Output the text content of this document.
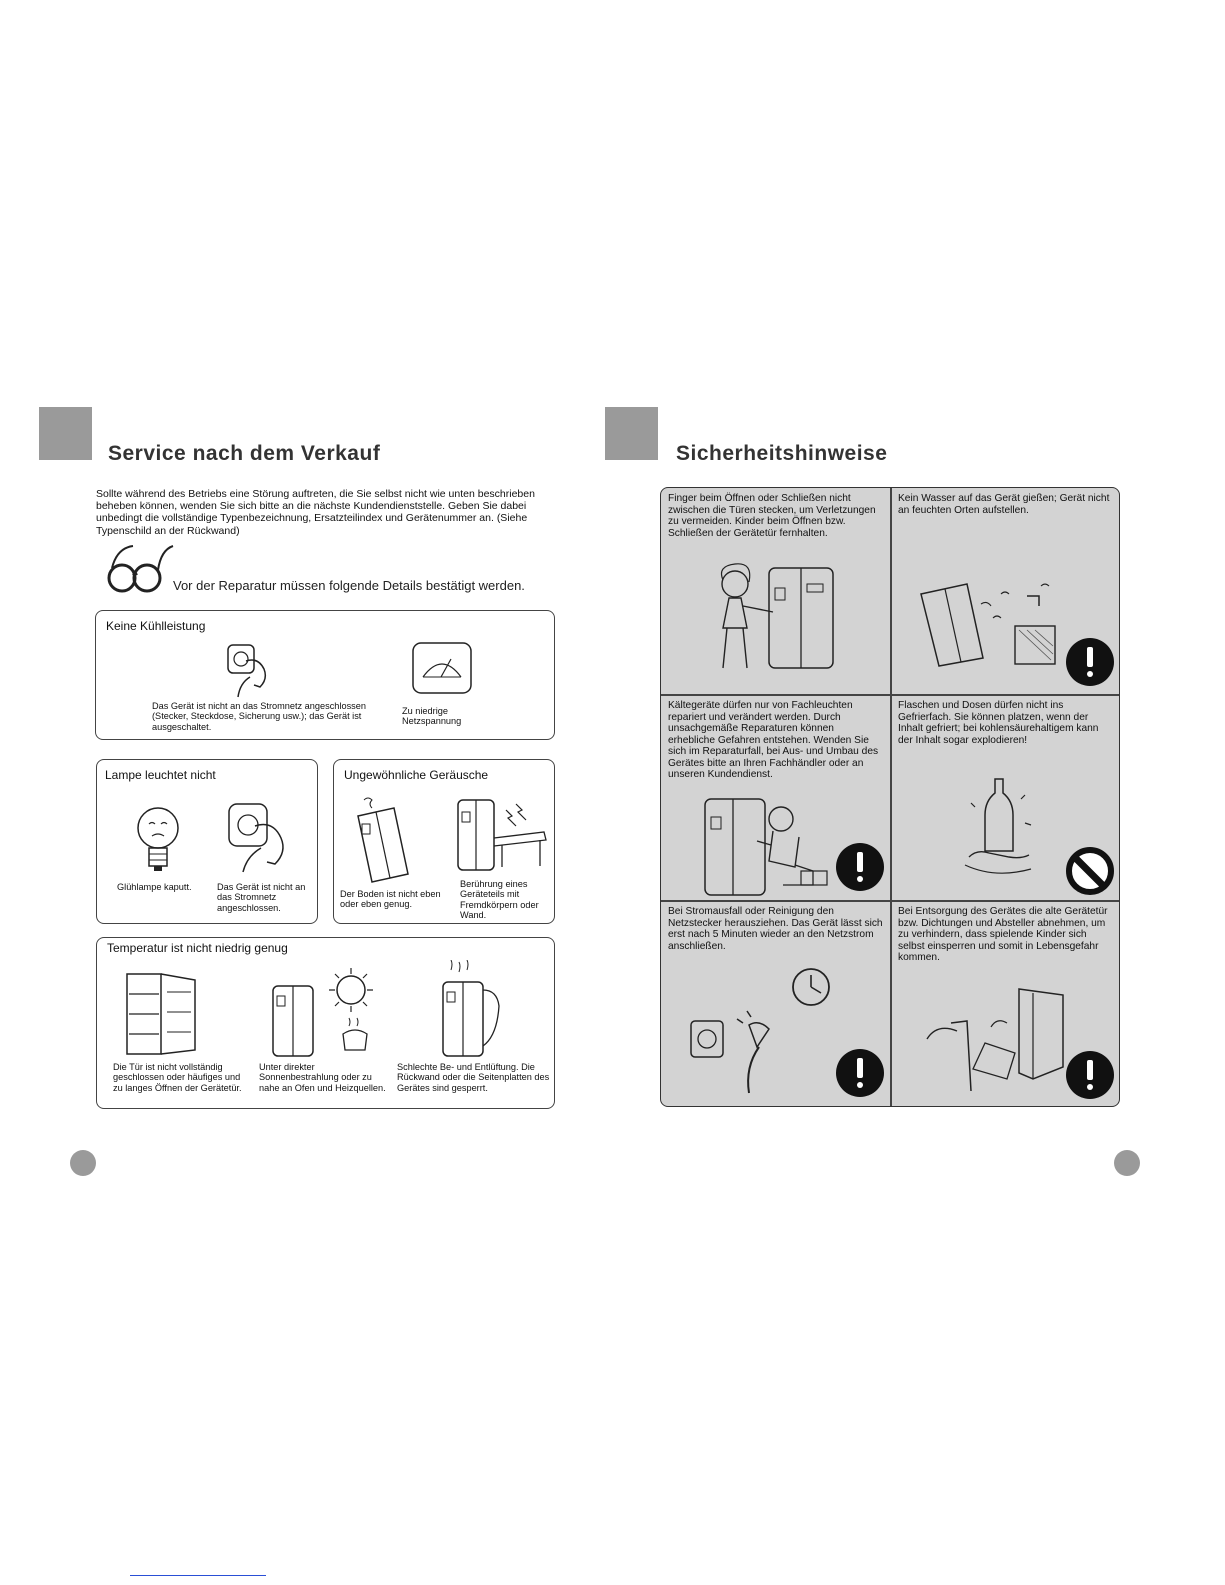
Service nach dem Verkauf
Sollte während des Betriebs eine Störung auftreten, die Sie selbst nicht wie unten beschrieben beheben können, wenden Sie sich bitte an die nächste Kundendienststelle. Geben Sie dabei unbedingt die vollständige Typenbezeichnung, Ersatzteilindex und Gerätenummer an. (Siehe Typenschild an der Rückwand)
Vor der Reparatur müssen folgende Details bestätigt werden.
Keine Kühlleistung
Das Gerät ist nicht an das Stromnetz angeschlossen (Stecker, Steckdose, Sicherung usw.); das Gerät ist ausgeschaltet.
Zu niedrige Netzspannung
Lampe leuchtet nicht
Glühlampe kaputt.	Das Gerät ist nicht an das Stromnetz angeschlossen.
Ungewöhnliche Geräusche
Der Boden ist nicht eben oder eben genug.
Berührung eines Geräteteils mit Fremdkörpern oder Wand.
Temperatur ist nicht niedrig genug
Die Tür ist nicht vollständig geschlossen oder häufiges und zu langes Öffnen der Gerätetür.
Unter direkter Sonnenbestrahlung oder zu nahe an Ofen und Heizquellen.
Schlechte Be- und Entlüftung. Die Rückwand oder die Seitenplatten des Gerätes sind gesperrt.
Sicherheitshinweise
Finger beim Öffnen oder Schließen nicht zwischen die Türen stecken, um Verletzungen zu vermeiden. Kinder beim Öffnen bzw. Schließen der Gerätetür fernhalten.
Kein Wasser auf das Gerät gießen; Gerät nicht an feuchten Orten aufstellen.
Kältegeräte dürfen nur von Fachleuchten repariert und verändert werden. Durch unsachgemäße Reparaturen können erhebliche Gefahren entstehen. Wenden Sie sich im Reparaturfall, bei Aus- und Umbau des Gerätes bitte an Ihren Fachhändler oder an unseren Kundendienst.
Flaschen und Dosen dürfen nicht ins Gefrierfach. Sie können platzen, wenn der Inhalt gefriert; bei kohlensäurehaltigem kann der Inhalt sogar explodieren!
Bei Stromausfall oder Reinigung den Netzstecker herausziehen. Das Gerät lässt sich erst nach 5 Minuten wieder an den Netzstrom anschließen.
Bei Entsorgung des Gerätes die alte Gerätetür bzw. Dichtungen und Absteller abnehmen, um zu verhindern, dass spielende Kinder sich selbst einsperren und somit in Lebensgefahr kommen.
